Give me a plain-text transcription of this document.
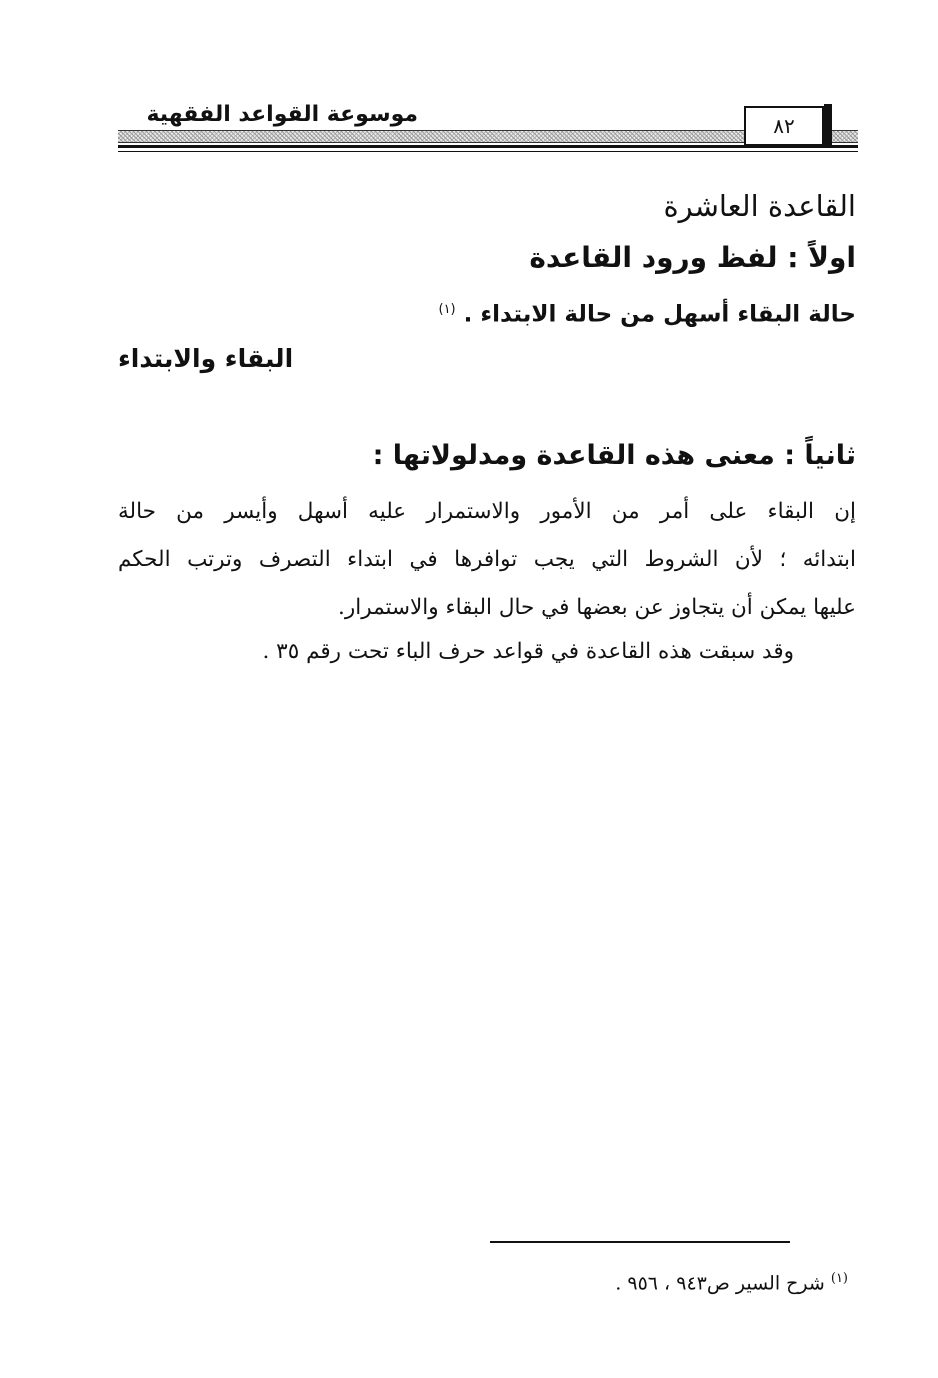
موسوعة القواعد الفقهية	٨٢
القاعدة العاشرة
اولاً : لفظ ورود القاعدة
حالة البقاء أسهل من حالة الابتداء . $^{(١)}$
البقاء والابتداء
ثانياً : معنى هذه القاعدة ومدلولاتها :
إن البقاء على أمر من الأمور والاستمرار عليه أسهل وأيسر من حالة
ابتدائه ؛ لأن الشروط التي يجب توافرها في ابتداء التصرف وترتب الحكم
عليها يمكن أن يتجاوز عن بعضها في حال البقاء والاستمرار.
وقد سبقت هذه القاعدة في قواعد حرف الباء تحت رقم ٣٥ .
$^{(١)}$ شرح السير ص٩٤٣ ، ٩٥٦ .
